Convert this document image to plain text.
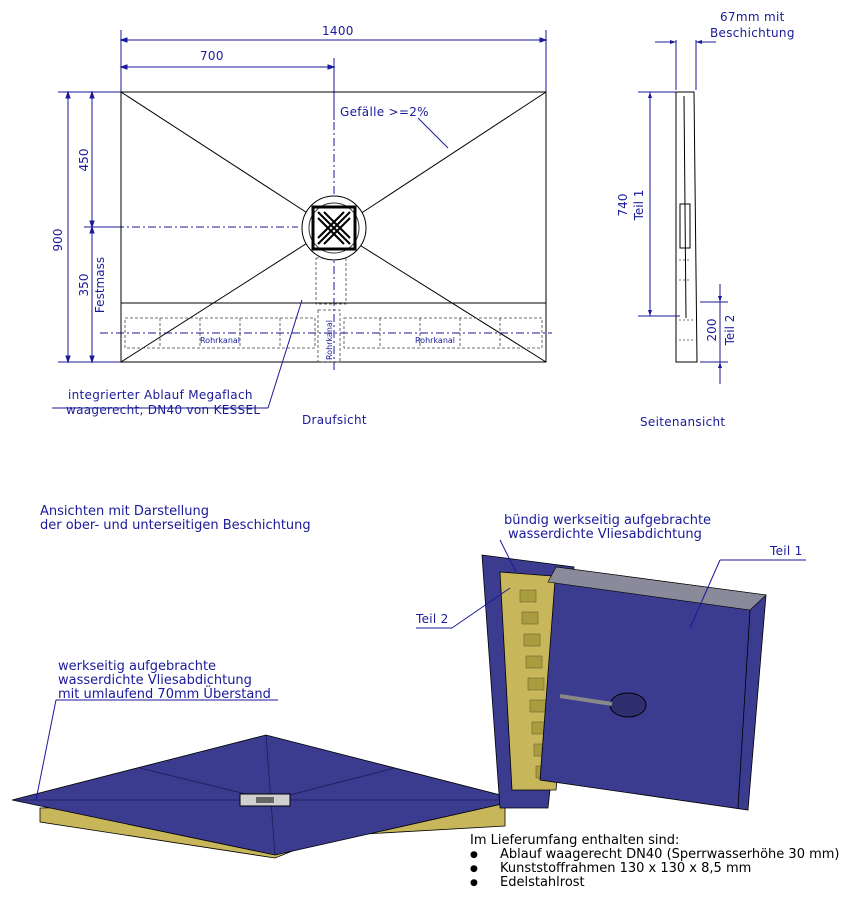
900
450
350 Festmass
740 Teil 1
200 Teil 2
Rohrkanal
Rohrkanal	Rohrkanal
1400
700
Gefälle >=2%
67mm mit
Beschichtung
integrierter Ablauf Megaflach
waagerecht, DN40 von KESSEL
Draufsicht	Seitenansicht
Ansichten mit Darstellung
der ober- und unterseitigen Beschichtung	bündig werkseitig aufgebrachte
wasserdichte Vliesabdichtung
Teil 1
Teil 2
werkseitig aufgebrachte
wasserdichte Vliesabdichtung
mit umlaufend 70mm Überstand
Im Lieferumfang enthalten sind:
● Ablauf waagerecht DN40 (Sperrwasserhöhe 30 mm)
● Kunststoffrahmen 130 x 130 x 8,5 mm
● Edelstahlrost
